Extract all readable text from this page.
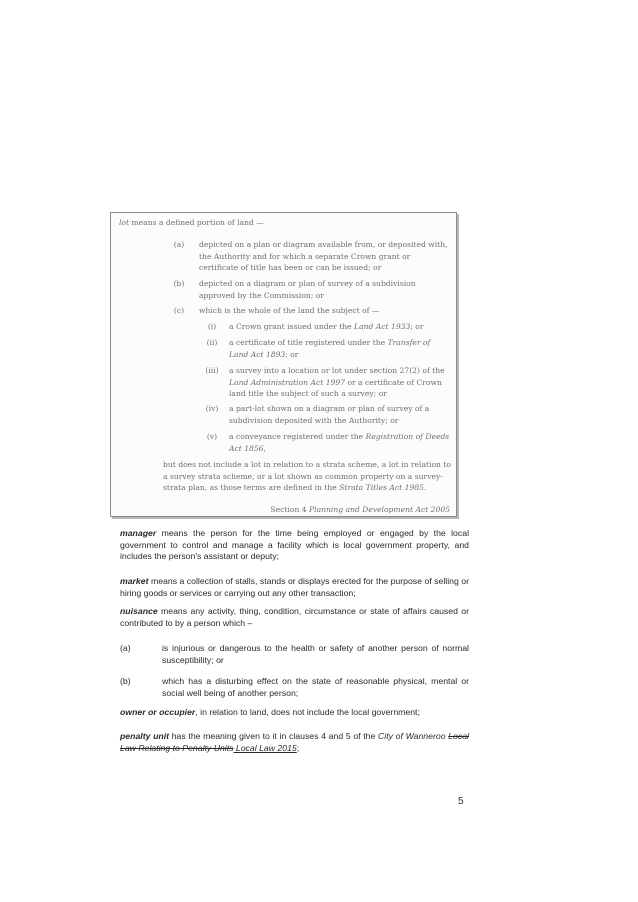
lot means a defined portion of land —
(a)	depicted on a plan or diagram available from, or deposited with, the Authority and for which a separate Crown grant or certificate of title has been or can be issued; or
(b)	depicted on a diagram or plan of survey of a subdivision approved by the Commission; or
(c)	which is the whole of the land the subject of —
(i)	a Crown grant issued under the Land Act 1933; or
(ii)	a certificate of title registered under the Transfer of Land Act 1893; or
(iii)	a survey into a location or lot under section 27(2) of the Land Administration Act 1997 or a certificate of Crown land title the subject of such a survey; or
(iv)	a part-lot shown on a diagram or plan of survey of a subdivision deposited with the Authority; or
(v)	a conveyance registered under the Registration of Deeds Act 1856,
but does not include a lot in relation to a strata scheme, a lot in relation to a survey strata scheme, or a lot shown as common property on a survey-strata plan, as those terms are defined in the Strata Titles Act 1985.
Section 4 Planning and Development Act 2005
manager means the person for the time being employed or engaged by the local government to control and manage a facility which is local government property, and includes the person's assistant or deputy;
market means a collection of stalls, stands or displays erected for the purpose of selling or hiring goods or services or carrying out any other transaction;
nuisance means any activity, thing, condition, circumstance or state of affairs caused or contributed to by a person which –
(a)	is injurious or dangerous to the health or safety of another person of normal susceptibility; or
(b)	which has a disturbing effect on the state of reasonable physical, mental or social well being of another person;
owner or occupier, in relation to land, does not include the local government;
penalty unit has the meaning given to it in clauses 4 and 5 of the City of Wanneroo Local Law Relating to Penalty Units Local Law 2015;
5
